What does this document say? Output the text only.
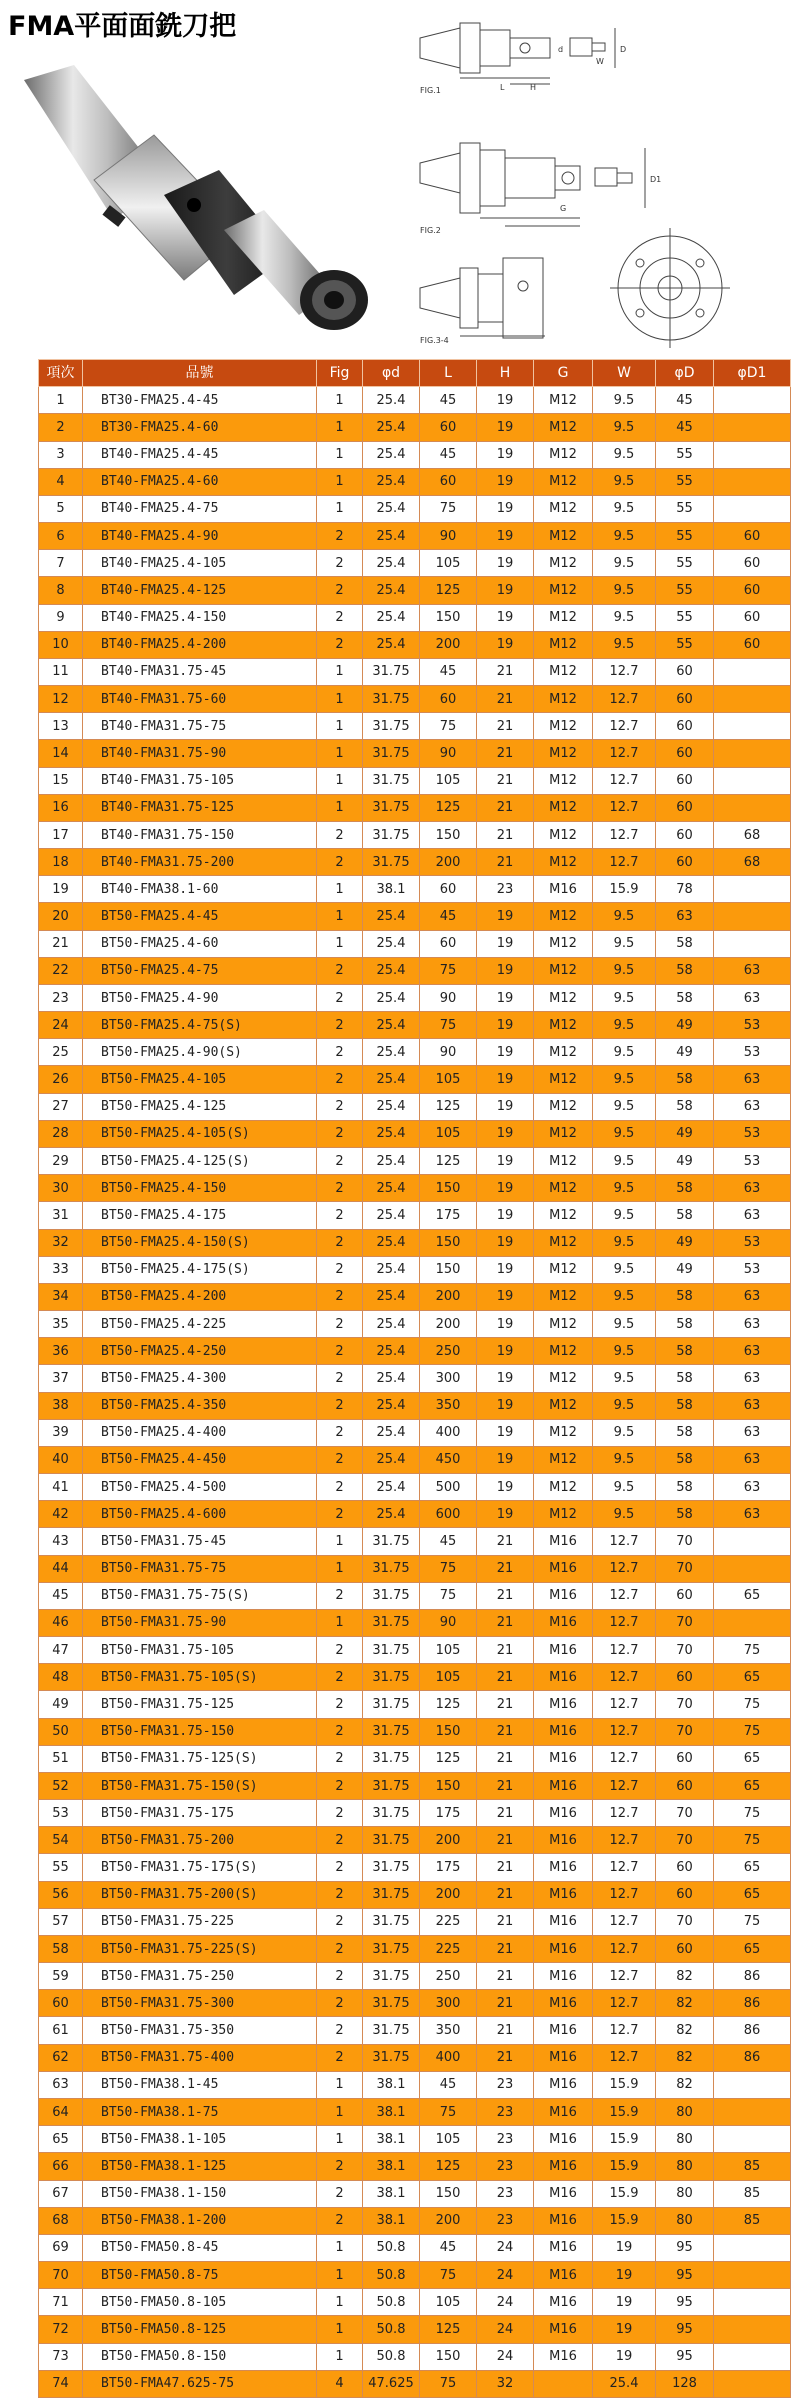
FMA平面面銑刀把
FIG.1
FIG.2
FIG.3-4
L	H
W
d	D
D1
G
項次	品號	Fig	φd	L	H	G	W	φD	φD1
1	BT30-FMA25.4-45	1	25.4	45	19	M12	9.5	45	
2	BT30-FMA25.4-60	1	25.4	60	19	M12	9.5	45	
3	BT40-FMA25.4-45	1	25.4	45	19	M12	9.5	55	
4	BT40-FMA25.4-60	1	25.4	60	19	M12	9.5	55	
5	BT40-FMA25.4-75	1	25.4	75	19	M12	9.5	55	
6	BT40-FMA25.4-90	2	25.4	90	19	M12	9.5	55	60
7	BT40-FMA25.4-105	2	25.4	105	19	M12	9.5	55	60
8	BT40-FMA25.4-125	2	25.4	125	19	M12	9.5	55	60
9	BT40-FMA25.4-150	2	25.4	150	19	M12	9.5	55	60
10	BT40-FMA25.4-200	2	25.4	200	19	M12	9.5	55	60
11	BT40-FMA31.75-45	1	31.75	45	21	M12	12.7	60	
12	BT40-FMA31.75-60	1	31.75	60	21	M12	12.7	60	
13	BT40-FMA31.75-75	1	31.75	75	21	M12	12.7	60	
14	BT40-FMA31.75-90	1	31.75	90	21	M12	12.7	60	
15	BT40-FMA31.75-105	1	31.75	105	21	M12	12.7	60	
16	BT40-FMA31.75-125	1	31.75	125	21	M12	12.7	60	
17	BT40-FMA31.75-150	2	31.75	150	21	M12	12.7	60	68
18	BT40-FMA31.75-200	2	31.75	200	21	M12	12.7	60	68
19	BT40-FMA38.1-60	1	38.1	60	23	M16	15.9	78	
20	BT50-FMA25.4-45	1	25.4	45	19	M12	9.5	63	
21	BT50-FMA25.4-60	1	25.4	60	19	M12	9.5	58	
22	BT50-FMA25.4-75	2	25.4	75	19	M12	9.5	58	63
23	BT50-FMA25.4-90	2	25.4	90	19	M12	9.5	58	63
24	BT50-FMA25.4-75(S)	2	25.4	75	19	M12	9.5	49	53
25	BT50-FMA25.4-90(S)	2	25.4	90	19	M12	9.5	49	53
26	BT50-FMA25.4-105	2	25.4	105	19	M12	9.5	58	63
27	BT50-FMA25.4-125	2	25.4	125	19	M12	9.5	58	63
28	BT50-FMA25.4-105(S)	2	25.4	105	19	M12	9.5	49	53
29	BT50-FMA25.4-125(S)	2	25.4	125	19	M12	9.5	49	53
30	BT50-FMA25.4-150	2	25.4	150	19	M12	9.5	58	63
31	BT50-FMA25.4-175	2	25.4	175	19	M12	9.5	58	63
32	BT50-FMA25.4-150(S)	2	25.4	150	19	M12	9.5	49	53
33	BT50-FMA25.4-175(S)	2	25.4	150	19	M12	9.5	49	53
34	BT50-FMA25.4-200	2	25.4	200	19	M12	9.5	58	63
35	BT50-FMA25.4-225	2	25.4	200	19	M12	9.5	58	63
36	BT50-FMA25.4-250	2	25.4	250	19	M12	9.5	58	63
37	BT50-FMA25.4-300	2	25.4	300	19	M12	9.5	58	63
38	BT50-FMA25.4-350	2	25.4	350	19	M12	9.5	58	63
39	BT50-FMA25.4-400	2	25.4	400	19	M12	9.5	58	63
40	BT50-FMA25.4-450	2	25.4	450	19	M12	9.5	58	63
41	BT50-FMA25.4-500	2	25.4	500	19	M12	9.5	58	63
42	BT50-FMA25.4-600	2	25.4	600	19	M12	9.5	58	63
43	BT50-FMA31.75-45	1	31.75	45	21	M16	12.7	70	
44	BT50-FMA31.75-75	1	31.75	75	21	M16	12.7	70	
45	BT50-FMA31.75-75(S)	2	31.75	75	21	M16	12.7	60	65
46	BT50-FMA31.75-90	1	31.75	90	21	M16	12.7	70	
47	BT50-FMA31.75-105	2	31.75	105	21	M16	12.7	70	75
48	BT50-FMA31.75-105(S)	2	31.75	105	21	M16	12.7	60	65
49	BT50-FMA31.75-125	2	31.75	125	21	M16	12.7	70	75
50	BT50-FMA31.75-150	2	31.75	150	21	M16	12.7	70	75
51	BT50-FMA31.75-125(S)	2	31.75	125	21	M16	12.7	60	65
52	BT50-FMA31.75-150(S)	2	31.75	150	21	M16	12.7	60	65
53	BT50-FMA31.75-175	2	31.75	175	21	M16	12.7	70	75
54	BT50-FMA31.75-200	2	31.75	200	21	M16	12.7	70	75
55	BT50-FMA31.75-175(S)	2	31.75	175	21	M16	12.7	60	65
56	BT50-FMA31.75-200(S)	2	31.75	200	21	M16	12.7	60	65
57	BT50-FMA31.75-225	2	31.75	225	21	M16	12.7	70	75
58	BT50-FMA31.75-225(S)	2	31.75	225	21	M16	12.7	60	65
59	BT50-FMA31.75-250	2	31.75	250	21	M16	12.7	82	86
60	BT50-FMA31.75-300	2	31.75	300	21	M16	12.7	82	86
61	BT50-FMA31.75-350	2	31.75	350	21	M16	12.7	82	86
62	BT50-FMA31.75-400	2	31.75	400	21	M16	12.7	82	86
63	BT50-FMA38.1-45	1	38.1	45	23	M16	15.9	82	
64	BT50-FMA38.1-75	1	38.1	75	23	M16	15.9	80	
65	BT50-FMA38.1-105	1	38.1	105	23	M16	15.9	80	
66	BT50-FMA38.1-125	2	38.1	125	23	M16	15.9	80	85
67	BT50-FMA38.1-150	2	38.1	150	23	M16	15.9	80	85
68	BT50-FMA38.1-200	2	38.1	200	23	M16	15.9	80	85
69	BT50-FMA50.8-45	1	50.8	45	24	M16	19	95	
70	BT50-FMA50.8-75	1	50.8	75	24	M16	19	95	
71	BT50-FMA50.8-105	1	50.8	105	24	M16	19	95	
72	BT50-FMA50.8-125	1	50.8	125	24	M16	19	95	
73	BT50-FMA50.8-150	1	50.8	150	24	M16	19	95	
74	BT50-FMA47.625-75	4	47.625	75	32		25.4	128	
